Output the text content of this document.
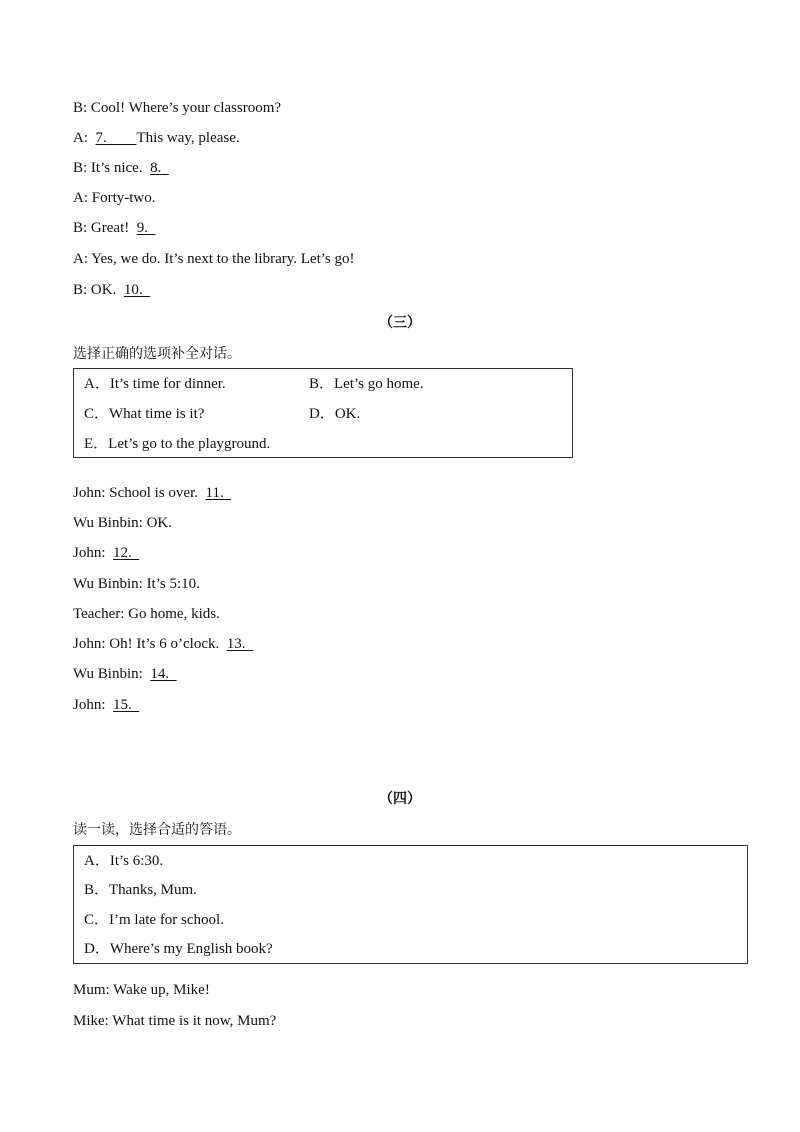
B: Cool! Where’s your classroom?
A:  7.        This way, please.
B: It’s nice.  8.
A: Forty-two.
B: Great!  9.
A: Yes, we do. It’s next to the library. Let’s go!
B: OK.  10.
（三）
选择正确的选项补全对话。
A．It’s time for dinner.	B．Let’s go home.
C．What time is it?	D．OK.
E．Let’s go to the playground.
John: School is over.  11.
Wu Binbin: OK.
John:  12.
Wu Binbin: It’s 5:10.
Teacher: Go home, kids.
John: Oh! It’s 6 o’clock.  13.
Wu Binbin:  14.
John:  15.
（四）
读一读，选择合适的答语。
A．It’s 6:30.
B．Thanks, Mum.
C．I’m late for school.
D．Where’s my English book?
Mum: Wake up, Mike!
Mike: What time is it now, Mum?
